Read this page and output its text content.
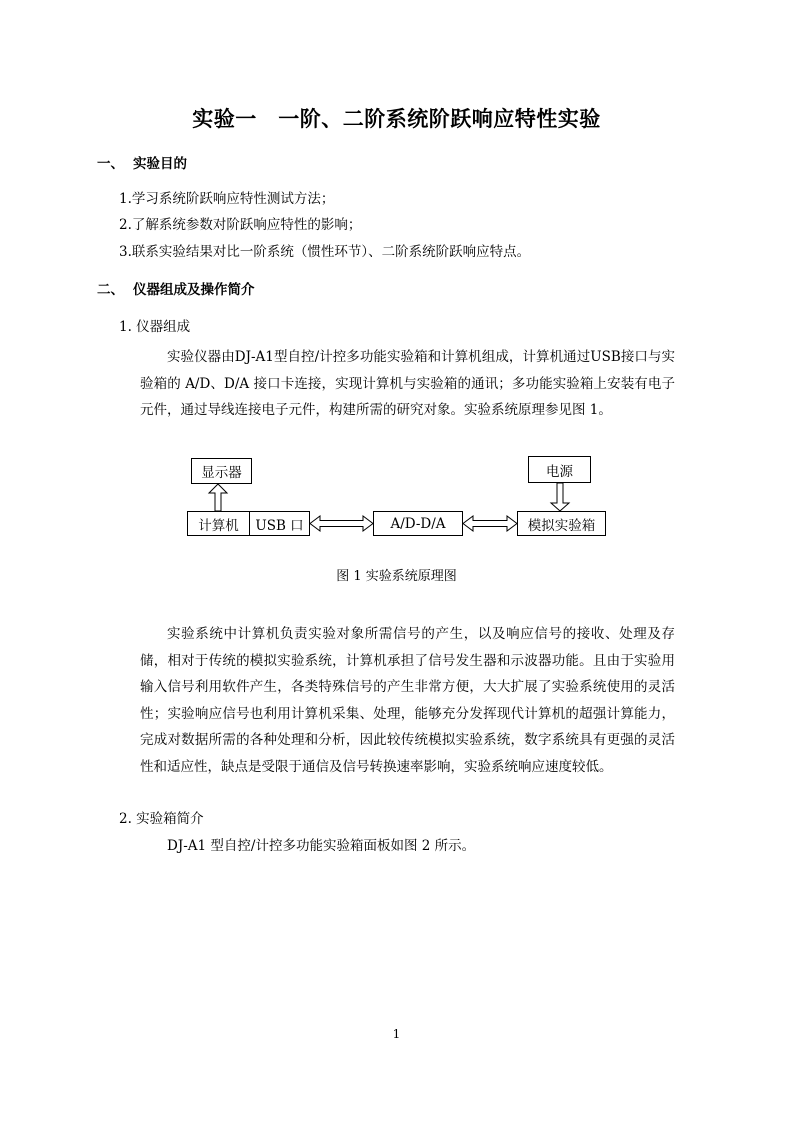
实验一　一阶、二阶系统阶跃响应特性实验
一、 实验目的
1.学习系统阶跃响应特性测试方法；
2.了解系统参数对阶跃响应特性的影响；
3.联系实验结果对比一阶系统（惯性环节）、二阶系统阶跃响应特点。
二、 仪器组成及操作简介
1. 仪器组成
实验仪器由DJ-A1型自控/计控多功能实验箱和计算机组成，计算机通过USB接口与实验箱的 A/D、D/A 接口卡连接，实现计算机与实验箱的通讯；多功能实验箱上安装有电子元件，通过导线连接电子元件，构建所需的研究对象。实验系统原理参见图 1。
显示器	电源
计算机	USB 口	A/D-D/A	模拟实验箱
图 1 实验系统原理图
实验系统中计算机负责实验对象所需信号的产生，以及响应信号的接收、处理及存储，相对于传统的模拟实验系统，计算机承担了信号发生器和示波器功能。且由于实验用输入信号利用软件产生，各类特殊信号的产生非常方便，大大扩展了实验系统使用的灵活性；实验响应信号也利用计算机采集、处理，能够充分发挥现代计算机的超强计算能力，完成对数据所需的各种处理和分析，因此较传统模拟实验系统，数字系统具有更强的灵活性和适应性，缺点是受限于通信及信号转换速率影响，实验系统响应速度较低。
2. 实验箱简介
DJ-A1 型自控/计控多功能实验箱面板如图 2 所示。
1
